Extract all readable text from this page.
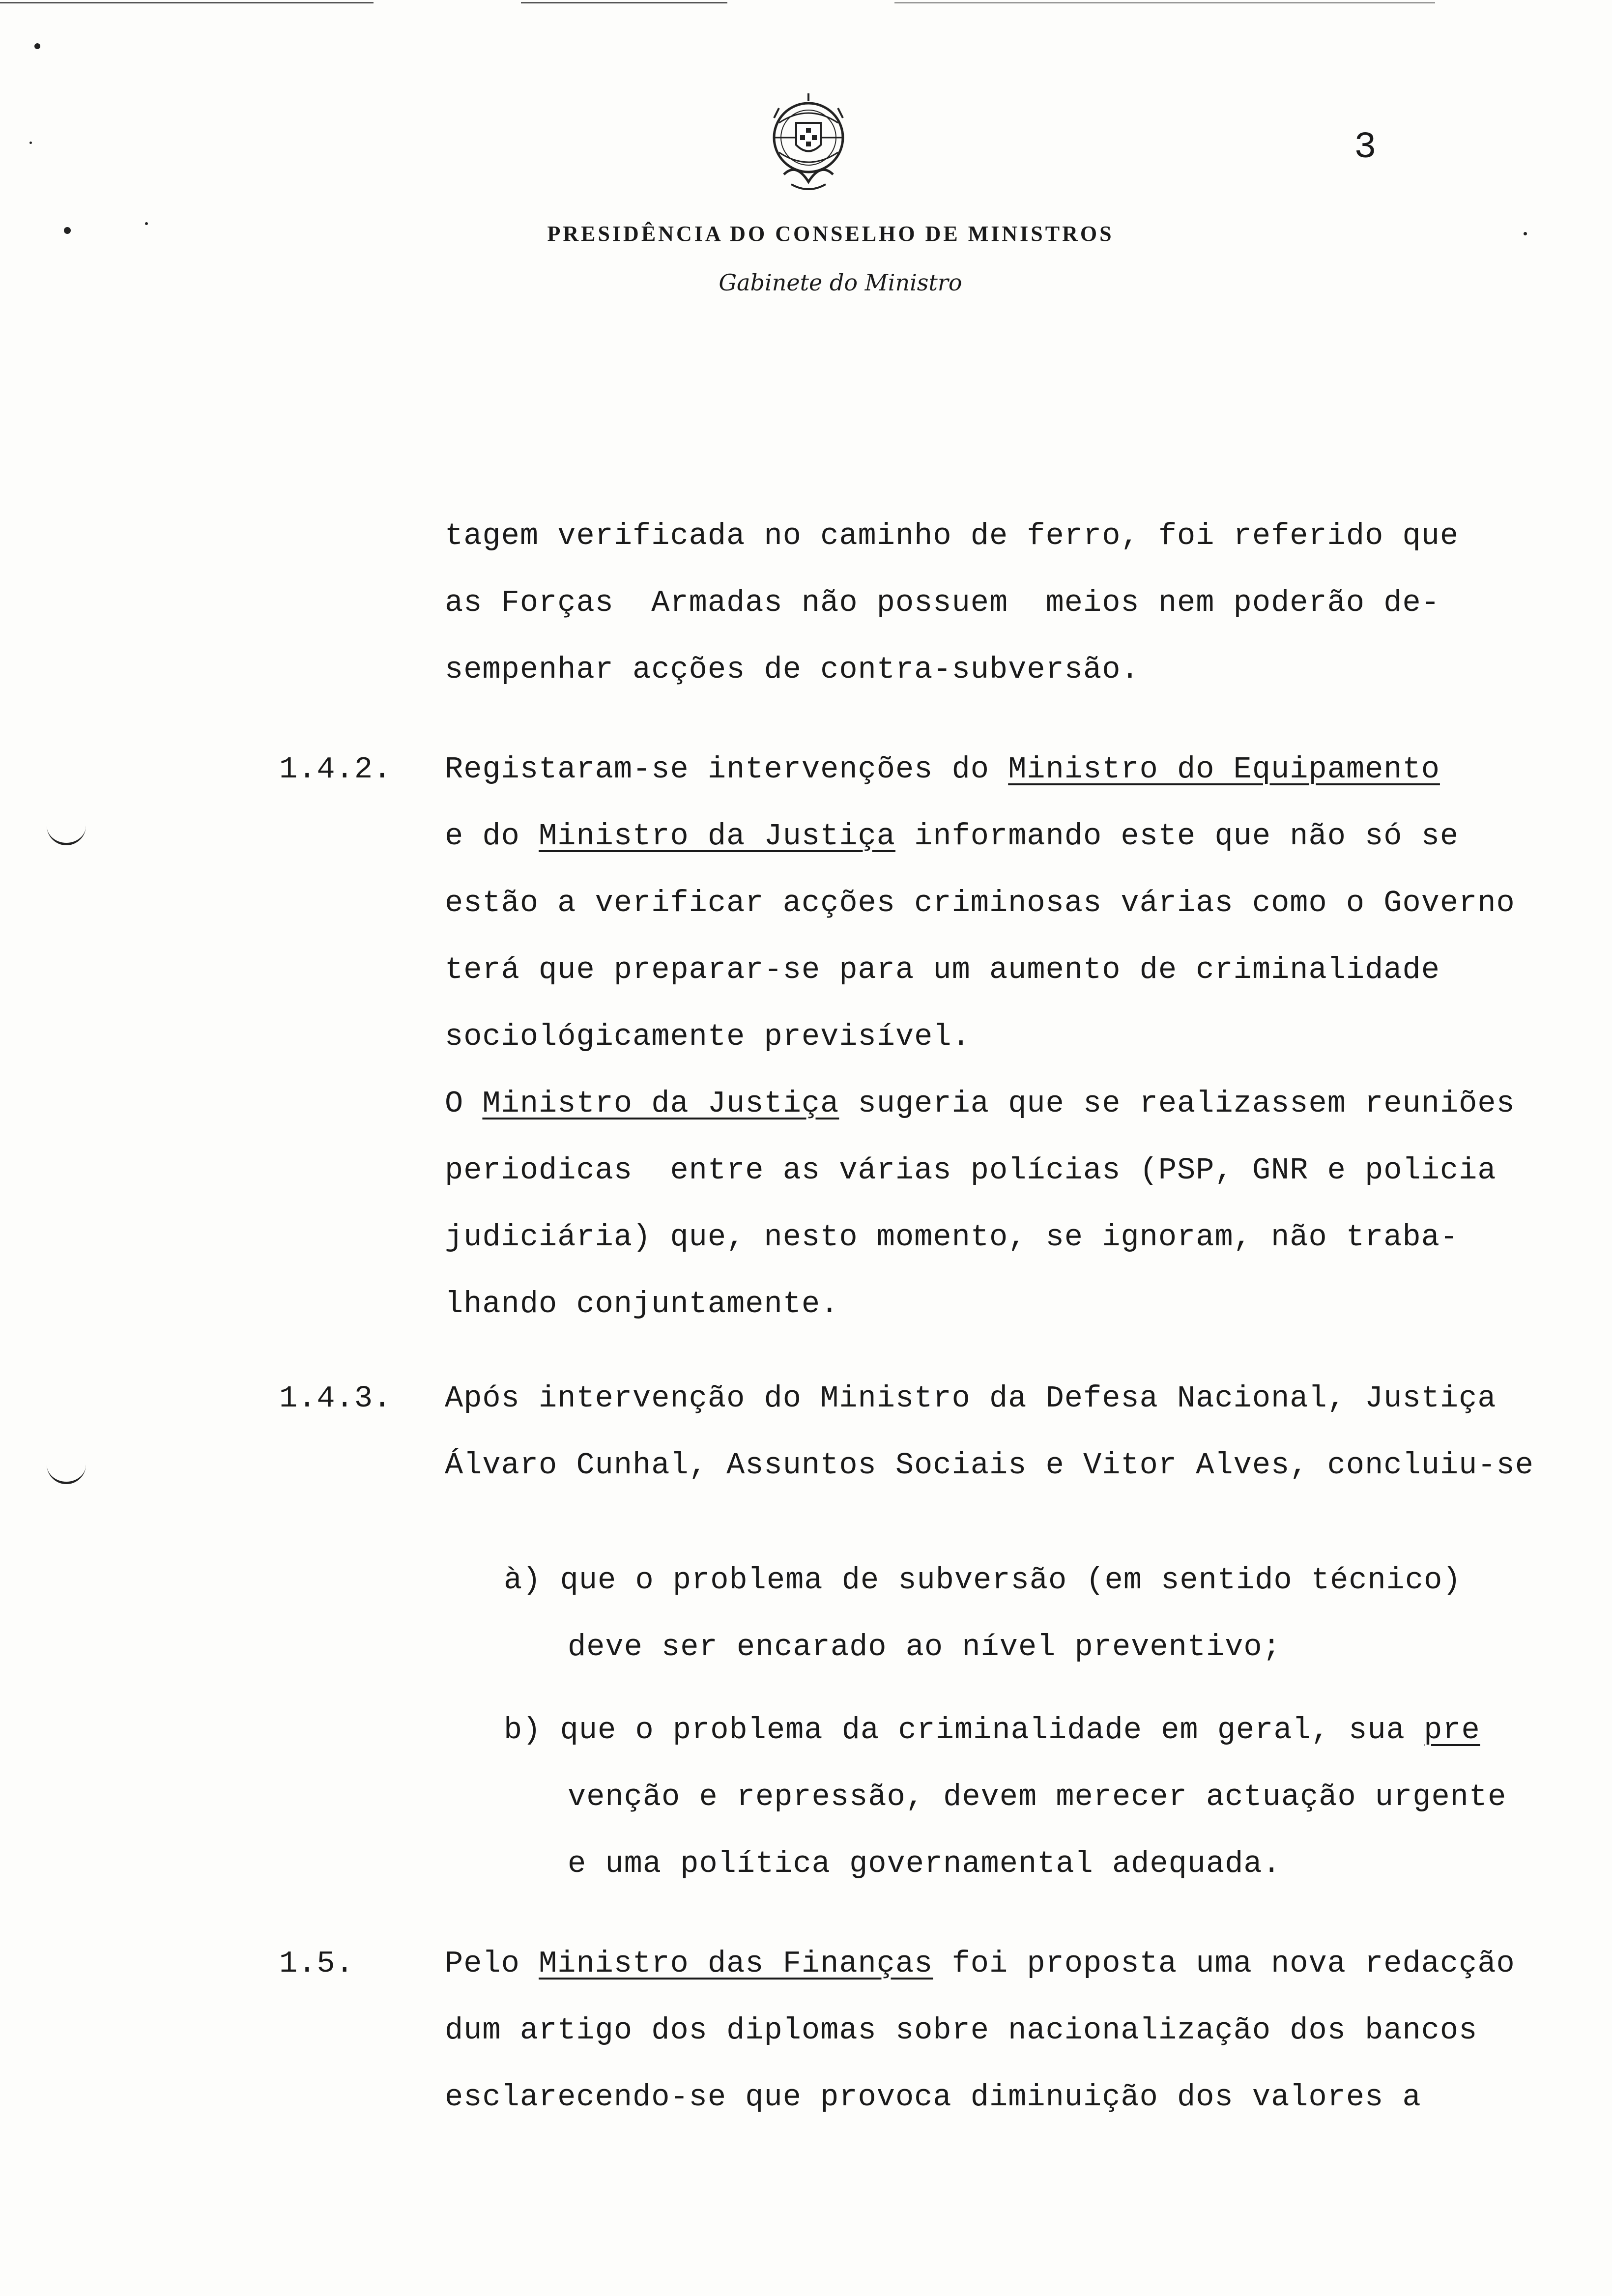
3
PRESIDÊNCIA DO CONSELHO DE MINISTROS
Gabinete do Ministro
tagem verificada no caminho de ferro, foi referido que
as Forças  Armadas não possuem  meios nem poderão de-
sempenhar acções de contra-subversão.
1.4.2. Registaram-se intervenções do Ministro do Equipamento
e do Ministro da Justiça informando este que não só se
estão a verificar acções criminosas várias como o Governo
terá que preparar-se para um aumento de criminalidade
sociológicamente previsível.
O Ministro da Justiça sugeria que se realizassem reuniões
periodicas  entre as várias polícias (PSP, GNR e policia
judiciária) que, nesto momento, se ignoram, não traba-
lhando conjuntamente.
1.4.3. Após intervenção do Ministro da Defesa Nacional, Justiça
Álvaro Cunhal, Assuntos Sociais e Vitor Alves, concluiu-se
à) que o problema de subversão (em sentido técnico)
deve ser encarado ao nível preventivo;
b) que o problema da criminalidade em geral, sua pre
venção e repressão, devem merecer actuação urgente
e uma política governamental adequada.
1.5.	Pelo Ministro das Finanças foi proposta uma nova redacção
dum artigo dos diplomas sobre nacionalização dos bancos
esclarecendo-se que provoca diminuição dos valores a
